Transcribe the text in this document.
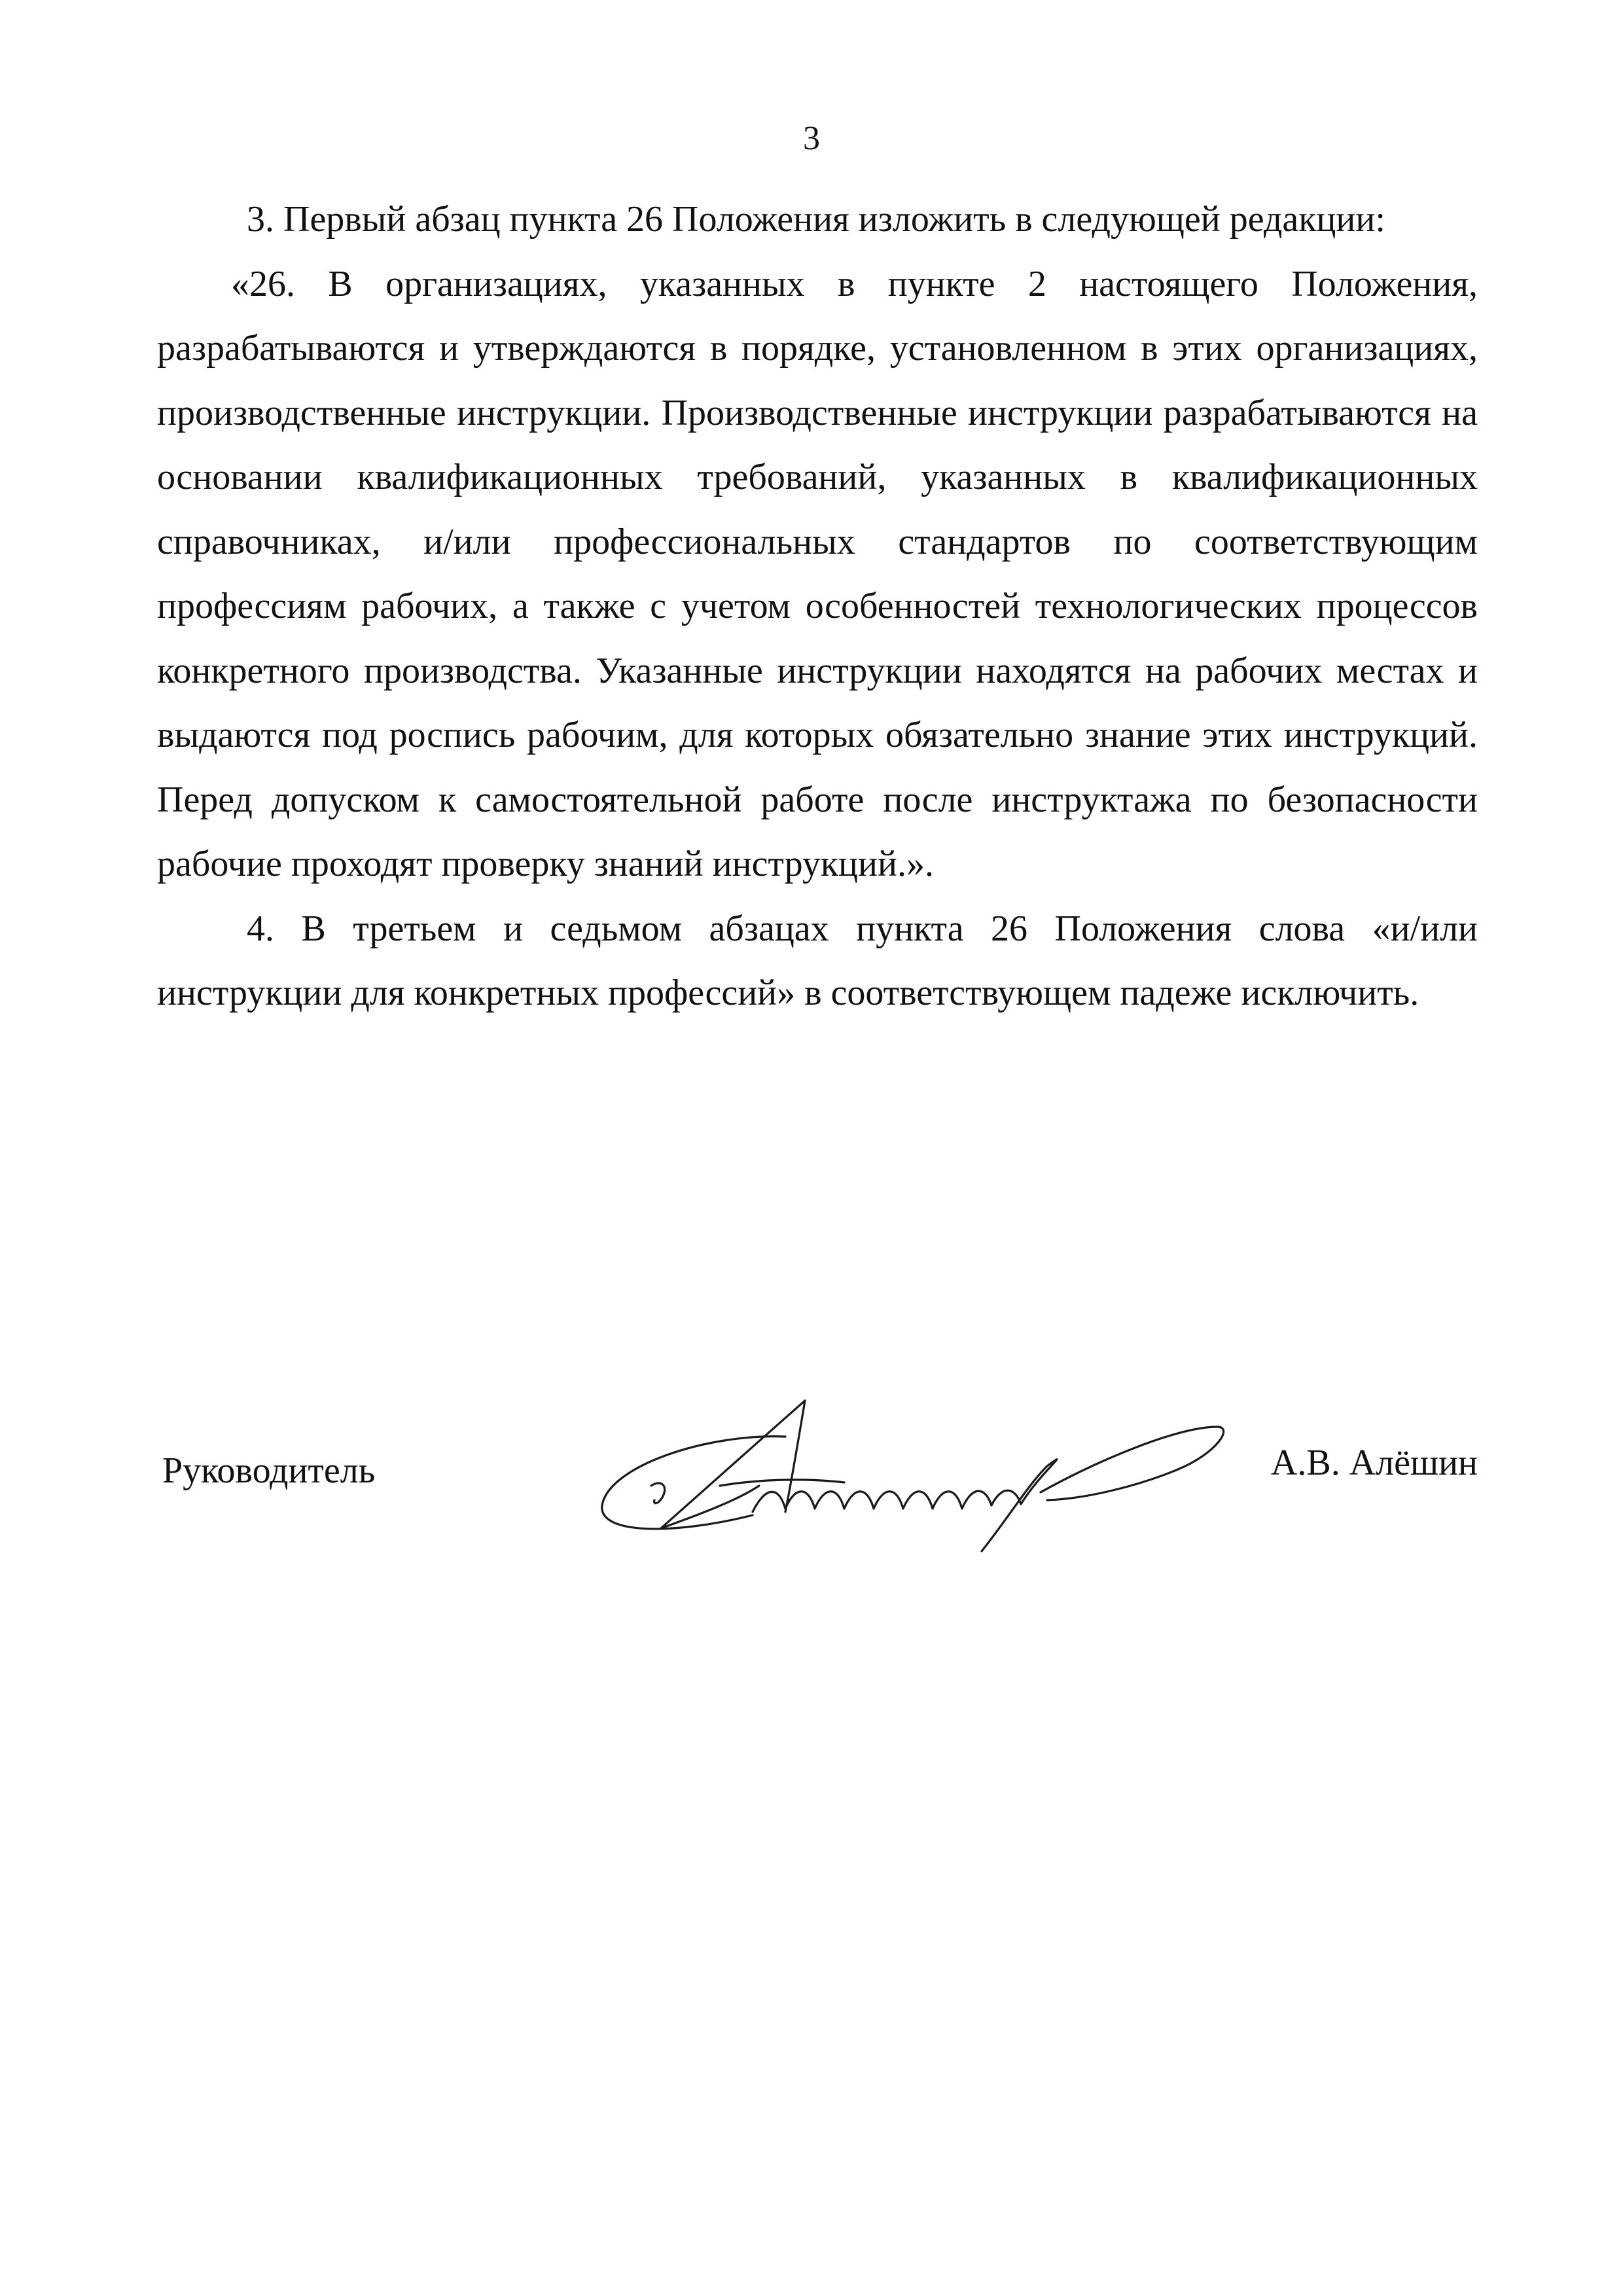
3

3. Первый абзац пункта 26 Положения изложить в следующей редакции:

«26. В организациях, указанных в пункте 2 настоящего Положения, разрабатываются и утверждаются в порядке, установленном в этих организациях, производственные инструкции. Производственные инструкции разрабатываются на основании квалификационных требований, указанных в квалификационных справочниках, и/или профессиональных стандартов по соответствующим профессиям рабочих, а также с учетом особенностей технологических процессов конкретного производства. Указанные инструкции находятся на рабочих местах и выдаются под роспись рабочим, для которых обязательно знание этих инструкций. Перед допуском к самостоятельной работе после инструктажа по безопасности рабочие проходят проверку знаний инструкций.».

4. В третьем и седьмом абзацах пункта 26 Положения слова «и/или инструкции для конкретных профессий» в соответствующем падеже исключить.

Руководитель	А.В. Алёшин
